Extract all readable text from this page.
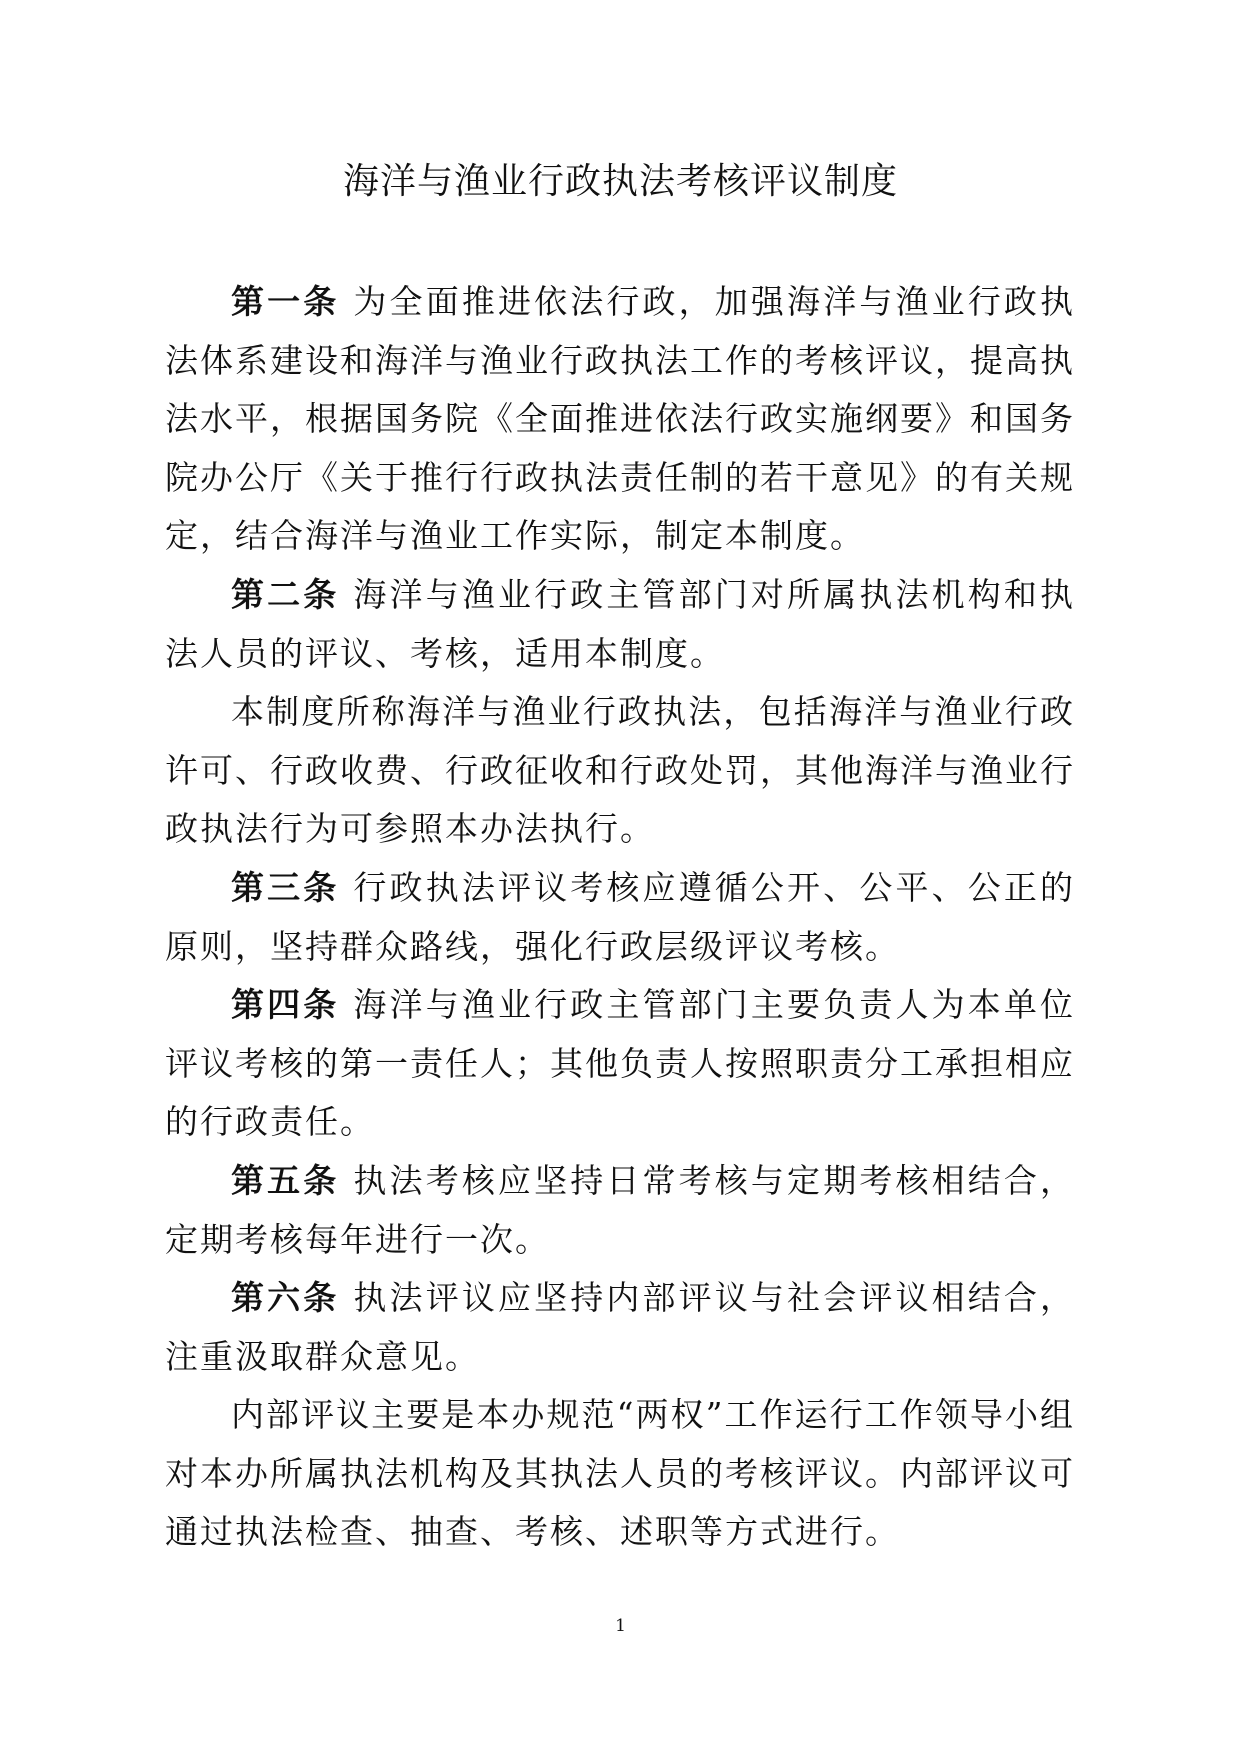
海洋与渔业行政执法考核评议制度

第一条 为全面推进依法行政，加强海洋与渔业行政执法体系建设和海洋与渔业行政执法工作的考核评议，提高执法水平，根据国务院《全面推进依法行政实施纲要》和国务院办公厅《关于推行行政执法责任制的若干意见》的有关规定，结合海洋与渔业工作实际，制定本制度。

第二条 海洋与渔业行政主管部门对所属执法机构和执法人员的评议、考核，适用本制度。

本制度所称海洋与渔业行政执法，包括海洋与渔业行政许可、行政收费、行政征收和行政处罚，其他海洋与渔业行政执法行为可参照本办法执行。

第三条 行政执法评议考核应遵循公开、公平、公正的原则，坚持群众路线，强化行政层级评议考核。

第四条 海洋与渔业行政主管部门主要负责人为本单位评议考核的第一责任人；其他负责人按照职责分工承担相应的行政责任。

第五条 执法考核应坚持日常考核与定期考核相结合，定期考核每年进行一次。

第六条 执法评议应坚持内部评议与社会评议相结合，注重汲取群众意见。

内部评议主要是本办规范“两权”工作运行工作领导小组对本办所属执法机构及其执法人员的考核评议。内部评议可通过执法检查、抽查、考核、述职等方式进行。

1
